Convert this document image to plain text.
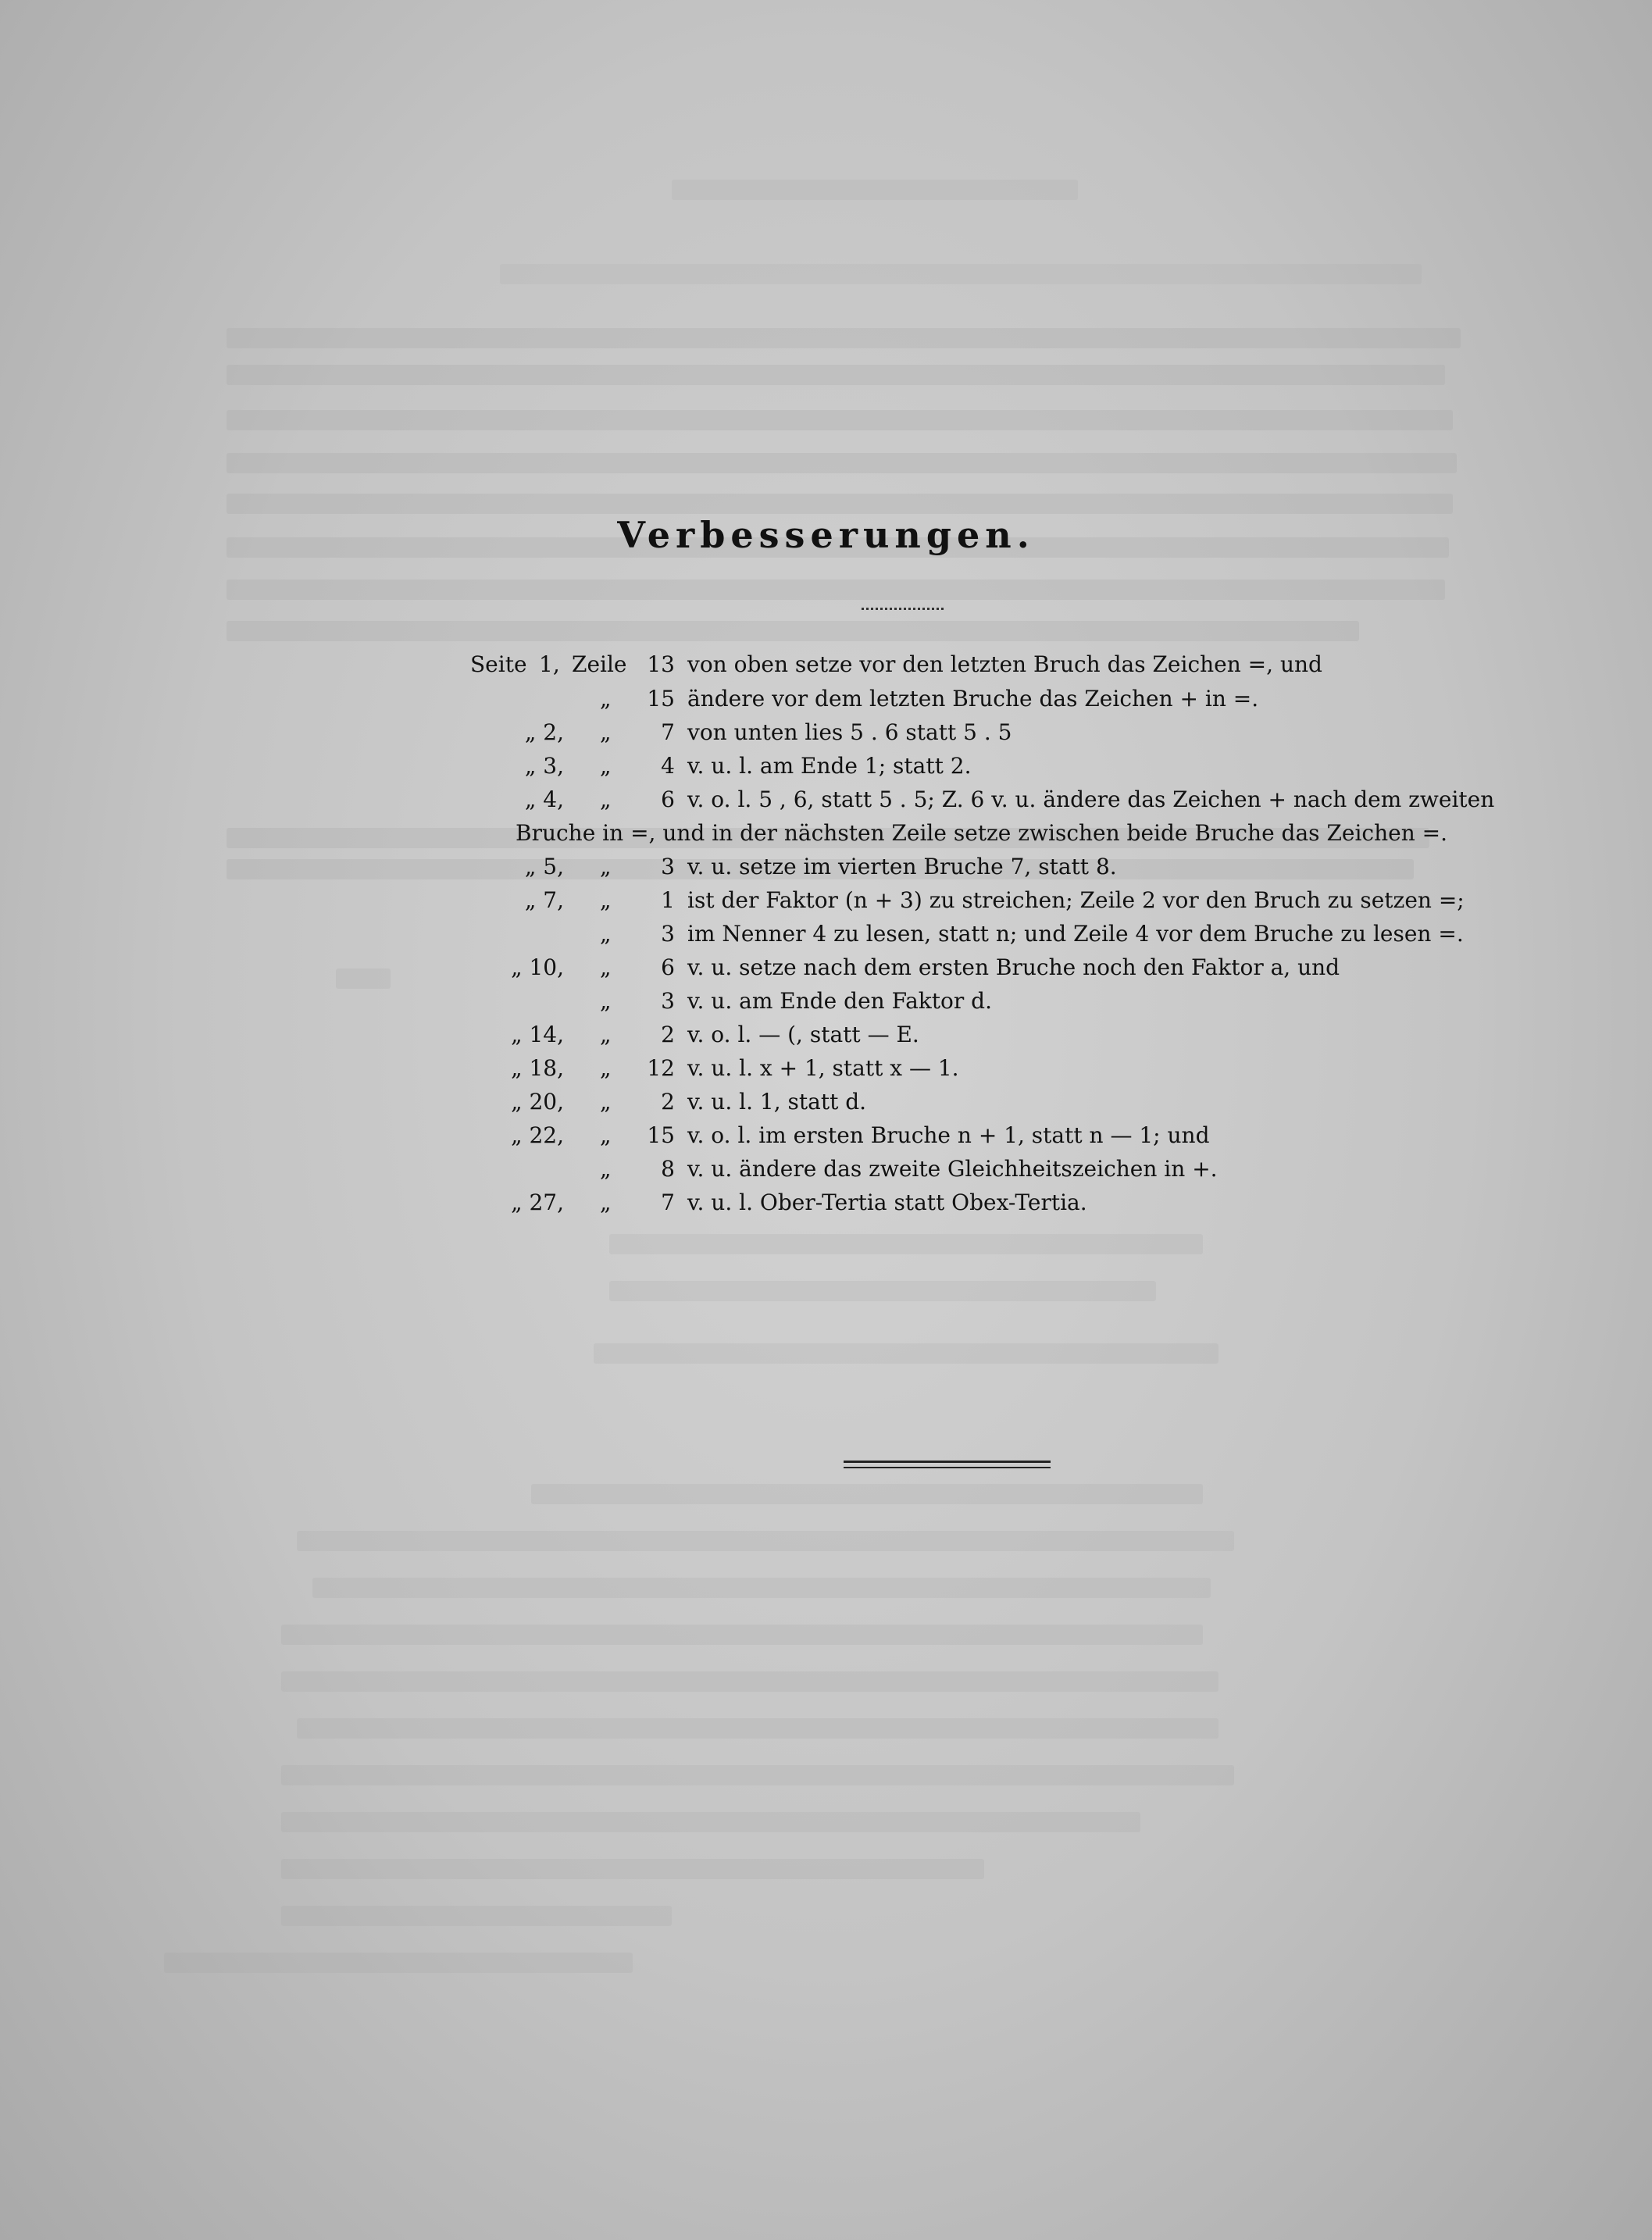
Verbesserungen.
Seite 1, Zeile 13 von oben setze vor den letzten Bruch das Zeichen =, und
„	15 ändere vor dem letzten Bruche das Zeichen + in =.
„ 2, „	7 von unten lies 5 . 6 statt 5 . 5
„ 3, „	4 v. u. l. am Ende 1; statt 2.
„ 4, „	6 v. o. l. 5 , 6, statt 5 . 5; Z. 6 v. u. ändere das Zeichen + nach dem zweiten
Bruche in =, und in der nächsten Zeile setze zwischen beide Bruche das Zeichen =.
„ 5, „	3 v. u. setze im vierten Bruche 7, statt 8.
„ 7, „	1 ist der Faktor (n + 3) zu streichen; Zeile 2 vor den Bruch zu setzen =;
„	3 im Nenner 4 zu lesen, statt n; und Zeile 4 vor dem Bruche zu lesen =.
„ 10, „	6 v. u. setze nach dem ersten Bruche noch den Faktor a, und
„	3 v. u. am Ende den Faktor d.
„ 14, „	2 v. o. l. — (, statt — E.
„ 18, „	12 v. u. l. x + 1, statt x — 1.
„ 20, „	2 v. u. l. 1, statt d.
„ 22, „	15 v. o. l. im ersten Bruche n + 1, statt n — 1; und
„	8 v. u. ändere das zweite Gleichheitszeichen in +.
„ 27, „	7 v. u. l. Ober-Tertia statt Obex-Tertia.
